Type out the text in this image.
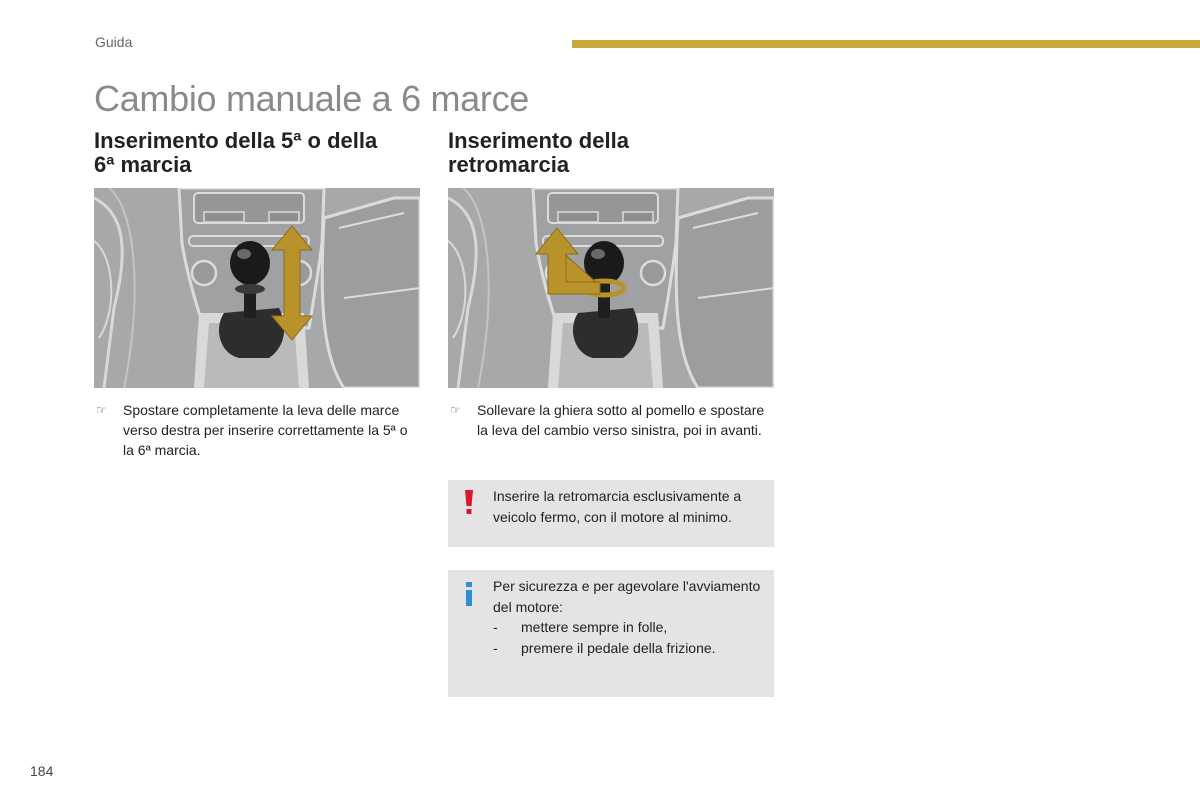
Guida
Cambio manuale a 6 marce
Inserimento della 5ª o della
6ª marcia
☞ Spostare completamente la leva delle marce verso destra per inserire correttamente la 5ª o la 6ª marcia.
Inserimento della
retromarcia
☞ Sollevare la ghiera sotto al pomello e spostare la leva del cambio verso sinistra, poi in avanti.
Inserire la retromarcia esclusivamente a veicolo fermo, con il motore al minimo.
Per sicurezza e per agevolare l'avviamento del motore:
-	mettere sempre in folle,
-	premere il pedale della frizione.
184
